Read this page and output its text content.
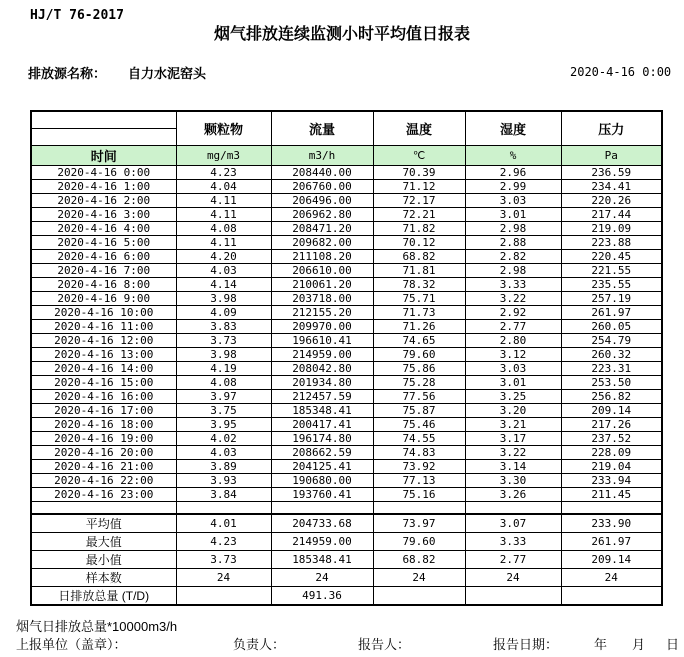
HJ/T 76-2017
烟气排放连续监测小时平均值日报表
排放源名称： 自力水泥窑头	2020-4-16 0:00
	颗粒物	流量	温度	湿度	压力

时间	mg/m3	m3/h	℃	%	Pa
2020-4-16 0:00	4.23	208440.00	70.39	2.96	236.59
2020-4-16 1:00	4.04	206760.00	71.12	2.99	234.41
2020-4-16 2:00	4.11	206496.00	72.17	3.03	220.26
2020-4-16 3:00	4.11	206962.80	72.21	3.01	217.44
2020-4-16 4:00	4.08	208471.20	71.82	2.98	219.09
2020-4-16 5:00	4.11	209682.00	70.12	2.88	223.88
2020-4-16 6:00	4.20	211108.20	68.82	2.82	220.45
2020-4-16 7:00	4.03	206610.00	71.81	2.98	221.55
2020-4-16 8:00	4.14	210061.20	78.32	3.33	235.55
2020-4-16 9:00	3.98	203718.00	75.71	3.22	257.19
2020-4-16 10:00	4.09	212155.20	71.73	2.92	261.97
2020-4-16 11:00	3.83	209970.00	71.26	2.77	260.05
2020-4-16 12:00	3.73	196610.41	74.65	2.80	254.79
2020-4-16 13:00	3.98	214959.00	79.60	3.12	260.32
2020-4-16 14:00	4.19	208042.80	75.86	3.03	223.31
2020-4-16 15:00	4.08	201934.80	75.28	3.01	253.50
2020-4-16 16:00	3.97	212457.59	77.56	3.25	256.82
2020-4-16 17:00	3.75	185348.41	75.87	3.20	209.14
2020-4-16 18:00	3.95	200417.41	75.46	3.21	217.26
2020-4-16 19:00	4.02	196174.80	74.55	3.17	237.52
2020-4-16 20:00	4.03	208662.59	74.83	3.22	228.09
2020-4-16 21:00	3.89	204125.41	73.92	3.14	219.04
2020-4-16 22:00	3.93	190680.00	77.13	3.30	233.94
2020-4-16 23:00	3.84	193760.41	75.16	3.26	211.45

平均值	4.01	204733.68	73.97	3.07	233.90
最大值	4.23	214959.00	79.60	3.33	261.97
最小值	3.73	185348.41	68.82	2.77	209.14
样本数	24	24	24	24	24
日排放总量 (T/D)		491.36			
烟气日排放总量*10000m3/h
上报单位（盖章）：	负责人：	报告人：	报告日期：	年 月 日
